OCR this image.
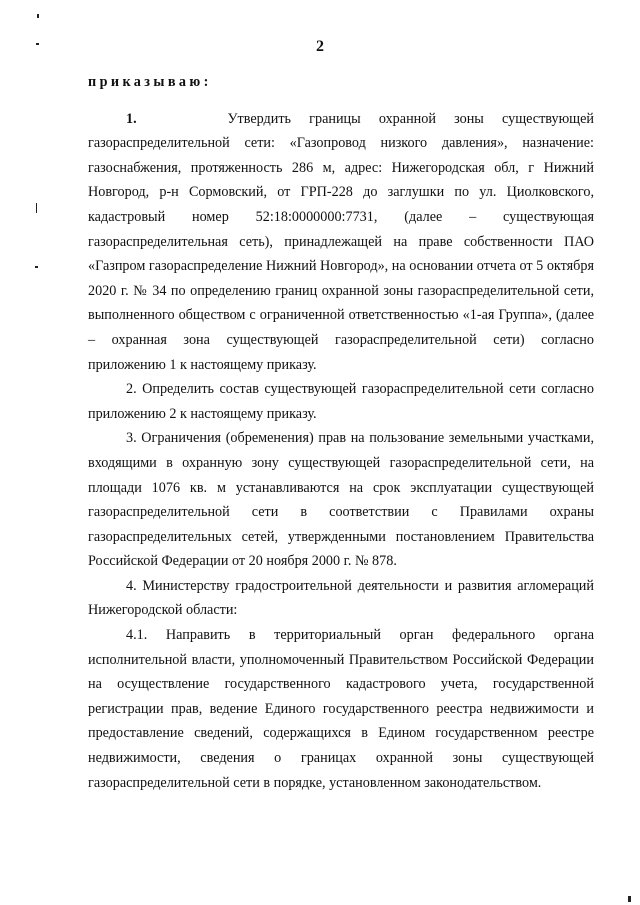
2
приказываю:

1.	Утвердить границы охранной зоны существующей газораспределительной сети: «Газопровод низкого давления», назначение: газоснабжения, протяженность 286 м, адрес: Нижегородская обл, г Нижний Новгород, р-н Сормовский, от ГРП-228 до заглушки по ул. Циолковского, кадастровый номер 52:18:0000000:7731, (далее – существующая газораспределительная сеть), принадлежащей на праве собственности ПАО «Газпром газораспределение Нижний Новгород», на основании отчета от 5 октября 2020 г. № 34 по определению границ охранной зоны газораспределительной сети, выполненного обществом с ограниченной ответственностью «1-ая Группа», (далее – охранная зона существующей газораспределительной сети) согласно приложению 1 к настоящему приказу.

2. Определить состав существующей газораспределительной сети согласно приложению 2 к настоящему приказу.

3. Ограничения (обременения) прав на пользование земельными участками, входящими в охранную зону существующей газораспределительной сети, на площади 1076 кв. м устанавливаются на срок эксплуатации существующей газораспределительной сети в соответствии с Правилами охраны газораспределительных сетей, утвержденными постановлением Правительства Российской Федерации от 20 ноября 2000 г. № 878.

4. Министерству градостроительной деятельности и развития агломераций Нижегородской области:

4.1. Направить в территориальный орган федерального органа исполнительной власти, уполномоченный Правительством Российской Федерации на осуществление государственного кадастрового учета, государственной регистрации прав, ведение Единого государственного реестра недвижимости и предоставление сведений, содержащихся в Едином государственном реестре недвижимости, сведения о границах охранной зоны существующей газораспределительной сети в порядке, установленном законодательством.
